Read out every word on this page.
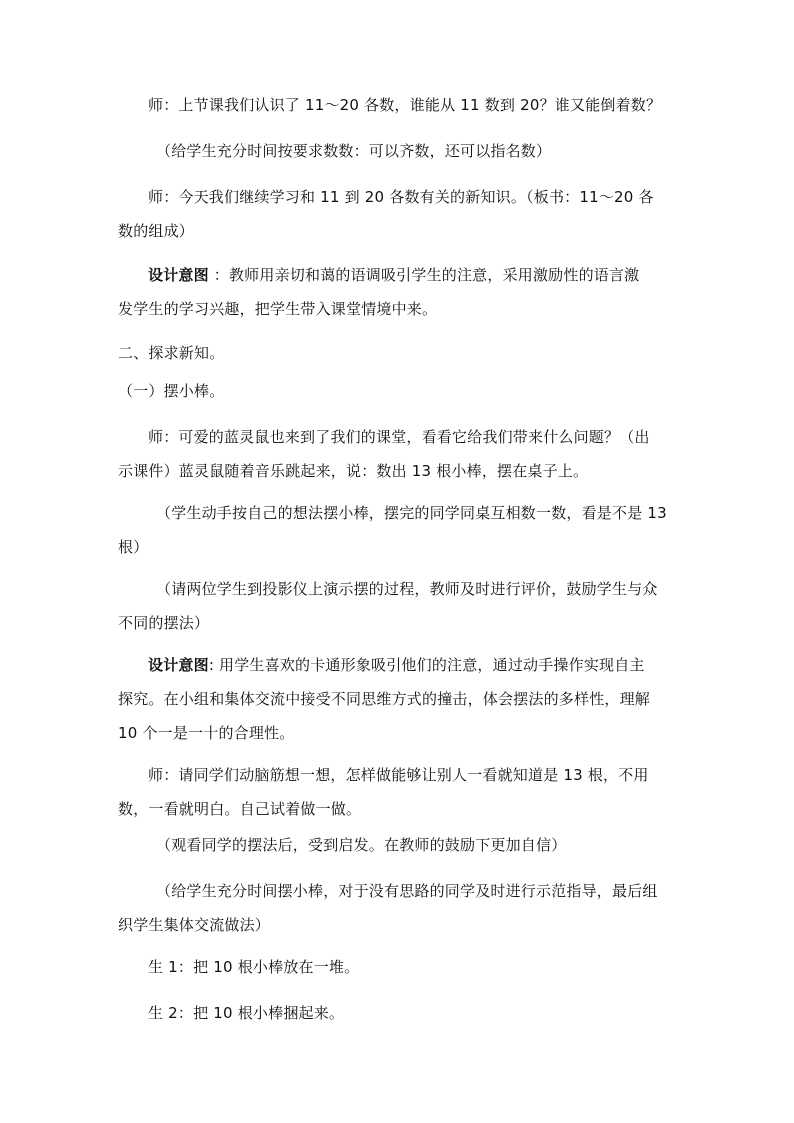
师：上节课我们认识了 11～20 各数，谁能从 11 数到 20？谁又能倒着数？
（给学生充分时间按要求数数：可以齐数，还可以指名数）
师：今天我们继续学习和 11 到 20 各数有关的新知识。（板书：11～20 各
数的组成）
设计意图 ：教师用亲切和蔼的语调吸引学生的注意，采用激励性的语言激
发学生的学习兴趣，把学生带入课堂情境中来。
二、探求新知。
（一）摆小棒。
师：可爱的蓝灵鼠也来到了我们的课堂，看看它给我们带来什么问题？（出
示课件）蓝灵鼠随着音乐跳起来，说：数出 13 根小棒，摆在桌子上。
（学生动手按自己的想法摆小棒，摆完的同学同桌互相数一数，看是不是 13
根）
（请两位学生到投影仪上演示摆的过程，教师及时进行评价，鼓励学生与众
不同的摆法）
设计意图: 用学生喜欢的卡通形象吸引他们的注意，通过动手操作实现自主
探究。在小组和集体交流中接受不同思维方式的撞击，体会摆法的多样性，理解
10 个一是一十的合理性。
师：请同学们动脑筋想一想，怎样做能够让别人一看就知道是 13 根，不用
数，一看就明白。自己试着做一做。
（观看同学的摆法后，受到启发。在教师的鼓励下更加自信）
（给学生充分时间摆小棒，对于没有思路的同学及时进行示范指导，最后组
织学生集体交流做法）
生 1：把 10 根小棒放在一堆。
生 2：把 10 根小棒捆起来。
